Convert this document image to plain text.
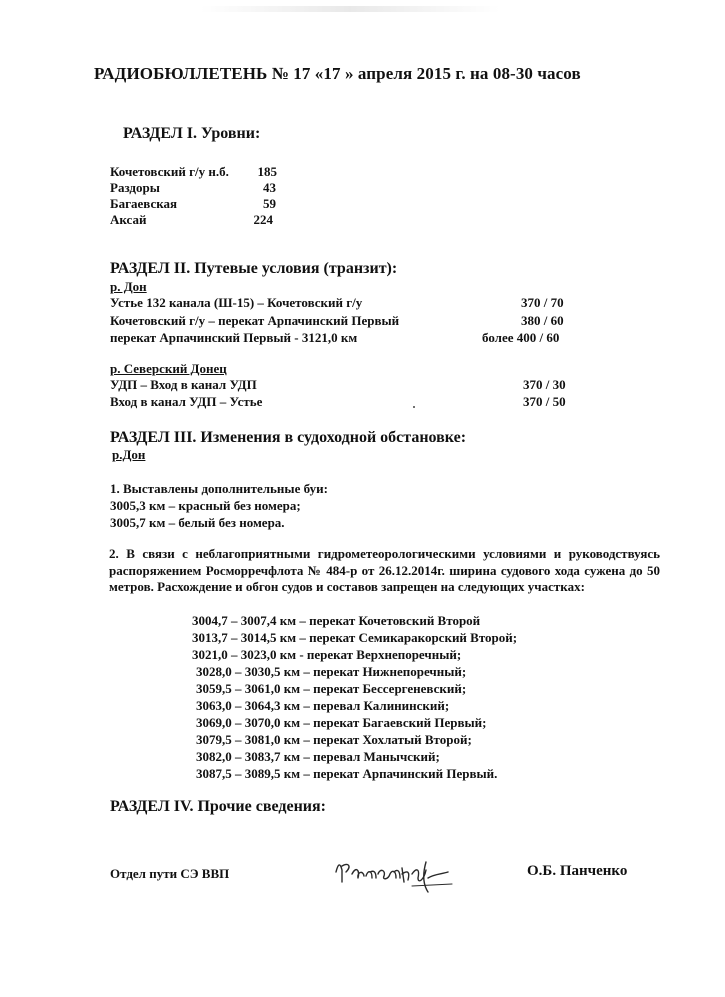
РАДИОБЮЛЛЕТЕНЬ № 17 «17 » апреля 2015 г. на 08-30 часов
РАЗДЕЛ I. Уровни:
Кочетовский г/у н.б.	185
Раздоры	43
Багаевская	59
Аксай	224
РАЗДЕЛ II. Путевые условия (транзит):
р. Дон
Устье 132 канала (Ш-15) – Кочетовский г/у	370 / 70
Кочетовский г/у – перекат Арпачинский Первый	380 / 60
перекат Арпачинский Первый - 3121,0 км	более 400 / 60
р. Северский Донец
УДП – Вход в канал УДП	370 / 30
Вход в канал УДП – Устье	370 / 50
РАЗДЕЛ III. Изменения в судоходной обстановке:
р.Дон
1. Выставлены дополнительные буи:
3005,3 км – красный без номера;
3005,7 км – белый без номера.
2. В связи с неблагоприятными гидрометеорологическими условиями и руководствуясь распоряжением Росморречфлота № 484-р от 26.12.2014г. ширина судового хода сужена до 50 метров. Расхождение и обгон судов и составов запрещен на следующих участках:
3004,7 – 3007,4 км – перекат Кочетовский Второй
3013,7 – 3014,5 км – перекат Семикаракорский Второй;
3021,0 – 3023,0 км - перекат Верхнепоречный;
3028,0 – 3030,5 км – перекат Нижнепоречный;
3059,5 – 3061,0 км – перекат Бессергеневский;
3063,0 – 3064,3 км – перевал Калининский;
3069,0 – 3070,0 км – перекат Багаевский Первый;
3079,5 – 3081,0 км – перекат Хохлатый Второй;
3082,0 – 3083,7 км – перевал Манычский;
3087,5 – 3089,5 км – перекат Арпачинский Первый.
РАЗДЕЛ IV. Прочие сведения:
Отдел пути СЭ ВВП	О.Б. Панченко
